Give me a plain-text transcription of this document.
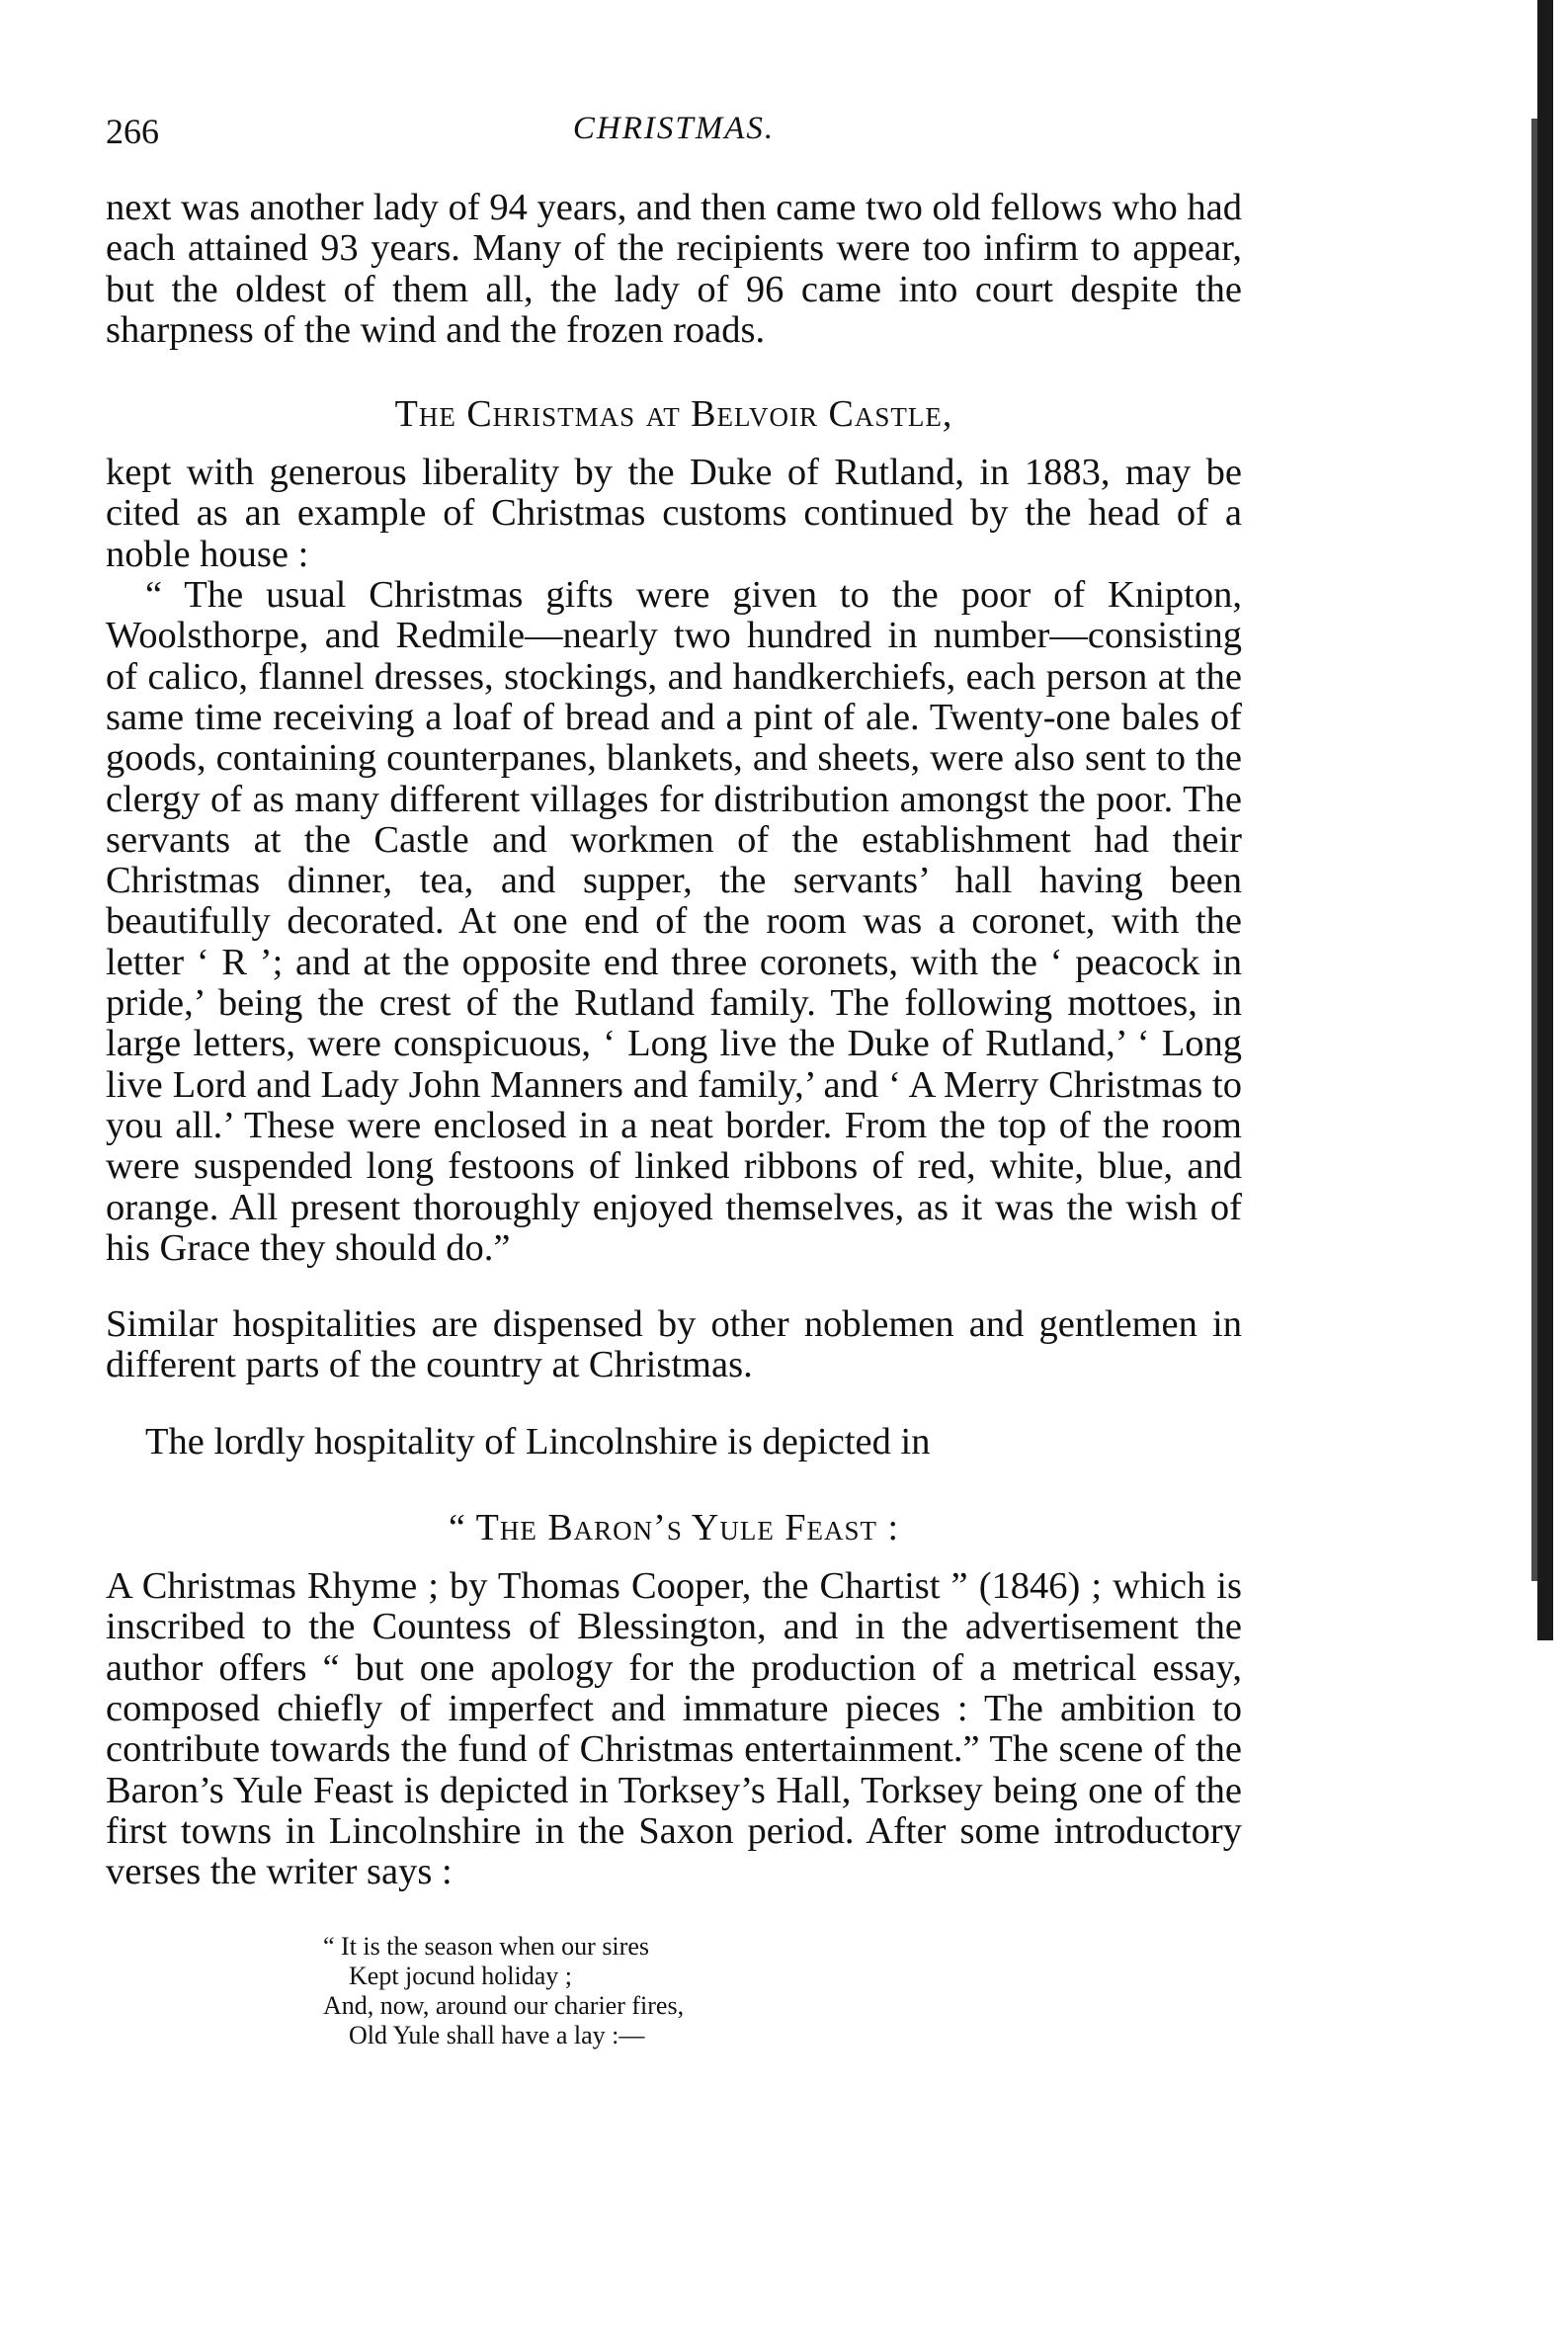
266	CHRISTMAS.

next was another lady of 94 years, and then came two old fellows who had each attained 93 years. Many of the recipients were too infirm to appear, but the oldest of them all, the lady of 96 came into court despite the sharpness of the wind and the frozen roads.

The Christmas at Belvoir Castle,

kept with generous liberality by the Duke of Rutland, in 1883, may be cited as an example of Christmas customs continued by the head of a noble house :

“ The usual Christmas gifts were given to the poor of Knipton, Woolsthorpe, and Redmile—nearly two hundred in number—consisting of calico, flannel dresses, stockings, and handkerchiefs, each person at the same time receiving a loaf of bread and a pint of ale. Twenty-one bales of goods, containing counterpanes, blankets, and sheets, were also sent to the clergy of as many different villages for distribution amongst the poor. The servants at the Castle and workmen of the establishment had their Christmas dinner, tea, and supper, the servants’ hall having been beautifully decorated. At one end of the room was a coronet, with the letter ‘ R ’; and at the opposite end three coronets, with the ‘ peacock in pride,’ being the crest of the Rutland family. The following mottoes, in large letters, were conspicuous, ‘ Long live the Duke of Rutland,’ ‘ Long live Lord and Lady John Manners and family,’ and ‘ A Merry Christmas to you all.’ These were enclosed in a neat border. From the top of the room were suspended long festoons of linked ribbons of red, white, blue, and orange. All present thoroughly enjoyed themselves, as it was the wish of his Grace they should do.”

Similar hospitalities are dispensed by other noblemen and gentlemen in different parts of the country at Christmas.

The lordly hospitality of Lincolnshire is depicted in

“ The Baron’s Yule Feast :

A Christmas Rhyme ; by Thomas Cooper, the Chartist ” (1846) ; which is inscribed to the Countess of Blessington, and in the advertisement the author offers “ but one apology for the production of a metrical essay, composed chiefly of imperfect and immature pieces : The ambition to contribute towards the fund of Christmas entertainment.” The scene of the Baron’s Yule Feast is depicted in Torksey’s Hall, Torksey being one of the first towns in Lincolnshire in the Saxon period. After some introductory verses the writer says :

“ It is the season when our sires
Kept jocund holiday ;
And, now, around our charier fires,
Old Yule shall have a lay :—
